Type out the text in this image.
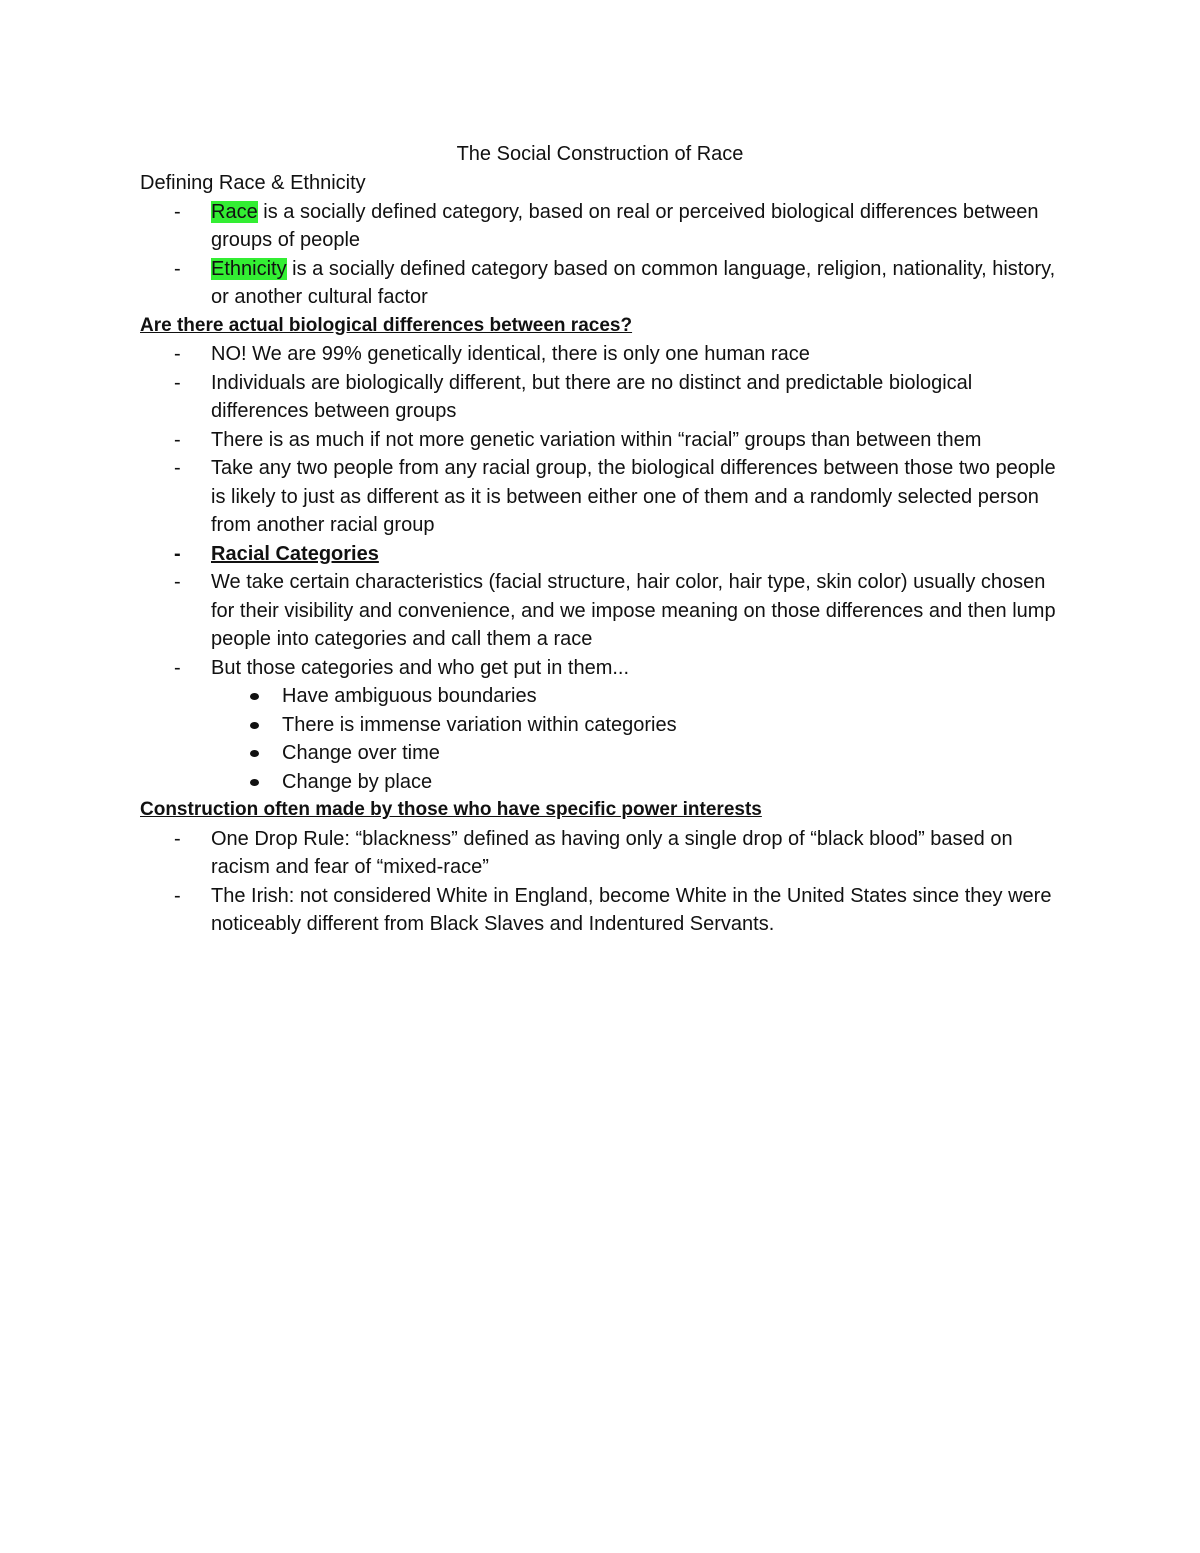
The Social Construction of Race

Defining Race & Ethnicity

- Race is a socially defined category, based on real or perceived biological differences between groups of people
- Ethnicity is a socially defined category based on common language, religion, nationality, history, or another cultural factor

Are there actual biological differences between races?

- NO! We are 99% genetically identical, there is only one human race
- Individuals are biologically different, but there are no distinct and predictable biological differences between groups
- There is as much if not more genetic variation within “racial” groups than between them
- Take any two people from any racial group, the biological differences between those two people is likely to just as different as it is between either one of them and a randomly selected person from another racial group
- Racial Categories
- We take certain characteristics (facial structure, hair color, hair type, skin color) usually chosen for their visibility and convenience, and we impose meaning on those differences and then lump people into categories and call them a race
- But those categories and who get put in them...
Have ambiguous boundaries
There is immense variation within categories
Change over time
Change by place

Construction often made by those who have specific power interests

- One Drop Rule: “blackness” defined as having only a single drop of “black blood” based on racism and fear of “mixed-race”
- The Irish: not considered White in England, become White in the United States since they were noticeably different from Black Slaves and Indentured Servants.
